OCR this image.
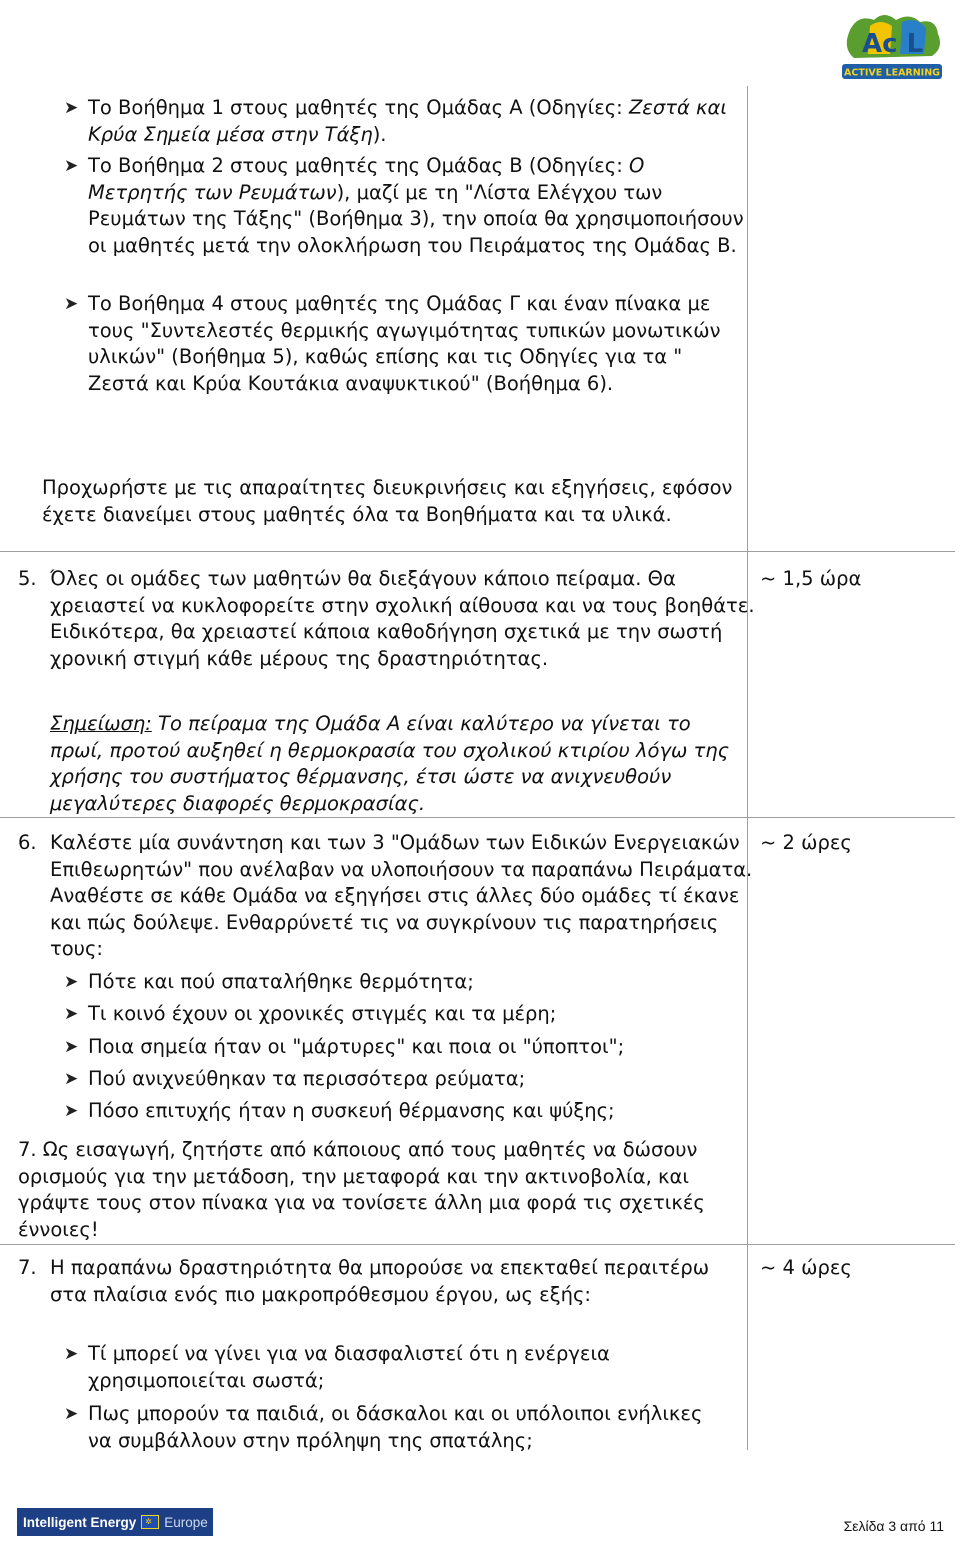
Ac L
ACTIVE LEARNING
➤ Το Βοήθημα 1 στους μαθητές της Ομάδας Α (Οδηγίες: Ζεστά και Κρύα Σημεία μέσα στην Τάξη).
➤ Το Βοήθημα 2 στους μαθητές της Ομάδας Β (Οδηγίες: Ο Μετρητής των Ρευμάτων), μαζί με τη "Λίστα Ελέγχου των Ρευμάτων της Τάξης" (Βοήθημα 3), την οποία θα χρησιμοποιήσουν οι μαθητές μετά την ολοκλήρωση του Πειράματος της Ομάδας Β.
➤ Το Βοήθημα 4 στους μαθητές της Ομάδας Γ και έναν πίνακα με τους "Συντελεστές θερμικής αγωγιμότητας τυπικών μονωτικών υλικών" (Βοήθημα 5), καθώς επίσης και τις Οδηγίες για τα " Ζεστά και Κρύα Κουτάκια αναψυκτικού" (Βοήθημα 6).

Προχωρήστε με τις απαραίτητες διευκρινήσεις και εξηγήσεις, εφόσον έχετε διανείμει στους μαθητές όλα τα Βοηθήματα και τα υλικά.

5. Όλες οι ομάδες των μαθητών θα διεξάγουν κάποιο πείραμα. Θα χρειαστεί να κυκλοφορείτε στην σχολική αίθουσα και να τους βοηθάτε. Ειδικότερα, θα χρειαστεί κάποια καθοδήγηση σχετικά με την σωστή χρονική στιγμή κάθε μέρους της δραστηριότητας.
Σημείωση: Το πείραμα της Ομάδα Α είναι καλύτερο να γίνεται το πρωί, προτού αυξηθεί η θερμοκρασία του σχολικού κτιρίου λόγω της χρήσης του συστήματος θέρμανσης, έτσι ώστε να ανιχνευθούν μεγαλύτερες διαφορές θερμοκρασίας.

~ 1,5 ώρα

6. Καλέστε μία συνάντηση και των 3 "Ομάδων των Ειδικών Ενεργειακών Επιθεωρητών" που ανέλαβαν να υλοποιήσουν τα παραπάνω Πειράματα. Αναθέστε σε κάθε Ομάδα να εξηγήσει στις άλλες δύο ομάδες τί έκανε και πώς δούλεψε. Ενθαρρύνετέ τις να συγκρίνουν τις παρατηρήσεις τους:

~ 2 ώρες

➤ Πότε και πού σπαταλήθηκε θερμότητα;
➤ Τι κοινό έχουν οι χρονικές στιγμές και τα μέρη;
➤ Ποια σημεία ήταν οι "μάρτυρες" και ποια οι "ύποπτοι";
➤ Πού ανιχνεύθηκαν τα περισσότερα ρεύματα;
➤ Πόσο επιτυχής ήταν η συσκευή θέρμανσης και ψύξης;

7. Ως εισαγωγή, ζητήστε από κάποιους από τους μαθητές να δώσουν ορισμούς για την μετάδοση, την μεταφορά και την ακτινοβολία, και γράψτε τους στον πίνακα για να τονίσετε άλλη μια φορά τις σχετικές έννοιες!

7. Η παραπάνω δραστηριότητα θα μπορούσε να επεκταθεί περαιτέρω στα πλαίσια ενός πιο μακροπρόθεσμου έργου, ως εξής:

~ 4 ώρες

➤ Τί μπορεί να γίνει για να διασφαλιστεί ότι η ενέργεια χρησιμοποιείται σωστά;
➤ Πως μπορούν τα παιδιά, οι δάσκαλοι και οι υπόλοιποι ενήλικες να συμβάλλουν στην πρόληψη της σπατάλης;
Intelligent Energy ✲ Europe	Σελίδα 3 από 11
